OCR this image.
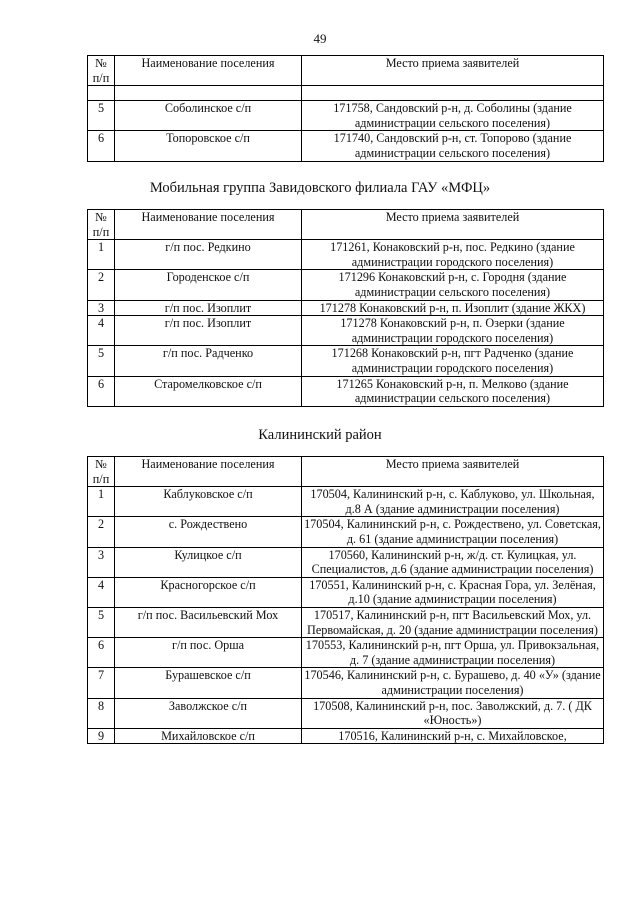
49
№ п/п	Наименование поселения	Место приема заявителей

5	Соболинское с/п	171758, Сандовский р-н, д. Соболины (здание администрации сельского поселения)
6	Топоровское с/п	171740, Сандовский р-н, ст. Топорово (здание администрации сельского поселения)
Мобильная группа Завидовского филиала ГАУ «МФЦ»
№ п/п	Наименование поселения	Место приема заявителей
1	г/п пос. Редкино	171261, Конаковский р-н, пос. Редкино (здание администрации городского поселения)
2	Городенское с/п	171296 Конаковский р-н, с. Городня (здание администрации сельского поселения)
3	г/п пос. Изоплит	171278 Конаковский р-н, п. Изоплит (здание ЖКХ)
4	г/п пос. Изоплит	171278 Конаковский р-н, п. Озерки (здание администрации городского поселения)
5	г/п пос. Радченко	171268 Конаковский р-н, пгт Радченко (здание администрации городского поселения)
6	Старомелковское с/п	171265 Конаковский р-н, п. Мелково (здание администрации сельского поселения)
Калининский район
№ п/п	Наименование поселения	Место приема заявителей
1	Каблуковское с/п	170504, Калининский р-н, с. Каблуково, ул. Школьная, д.8 А (здание администрации поселения)
2	с. Рождествено	170504, Калининский р-н, с. Рождествено, ул. Советская, д. 61 (здание администрации поселения)
3	Кулицкое с/п	170560, Калининский р-н, ж/д. ст. Кулицкая, ул. Специалистов, д.6 (здание администрации поселения)
4	Красногорское с/п	170551, Калининский р-н, с. Красная Гора, ул. Зелёная, д.10 (здание администрации поселения)
5	г/п пос. Васильевский Мох	170517, Калининский р-н, пгт Васильевский Мох, ул. Первомайская, д. 20 (здание администрации поселения)
6	г/п пос. Орша	170553, Калининский р-н, пгт Орша, ул. Привокзальная, д. 7 (здание администрации поселения)
7	Бурашевское с/п	170546, Калининский р-н, с. Бурашево, д. 40 «У» (здание администрации поселения)
8	Заволжское с/п	170508, Калининский р-н, пос. Заволжский, д. 7. ( ДК «Юность»)
9	Михайловское с/п	170516, Калининский р-н, с. Михайловское,
